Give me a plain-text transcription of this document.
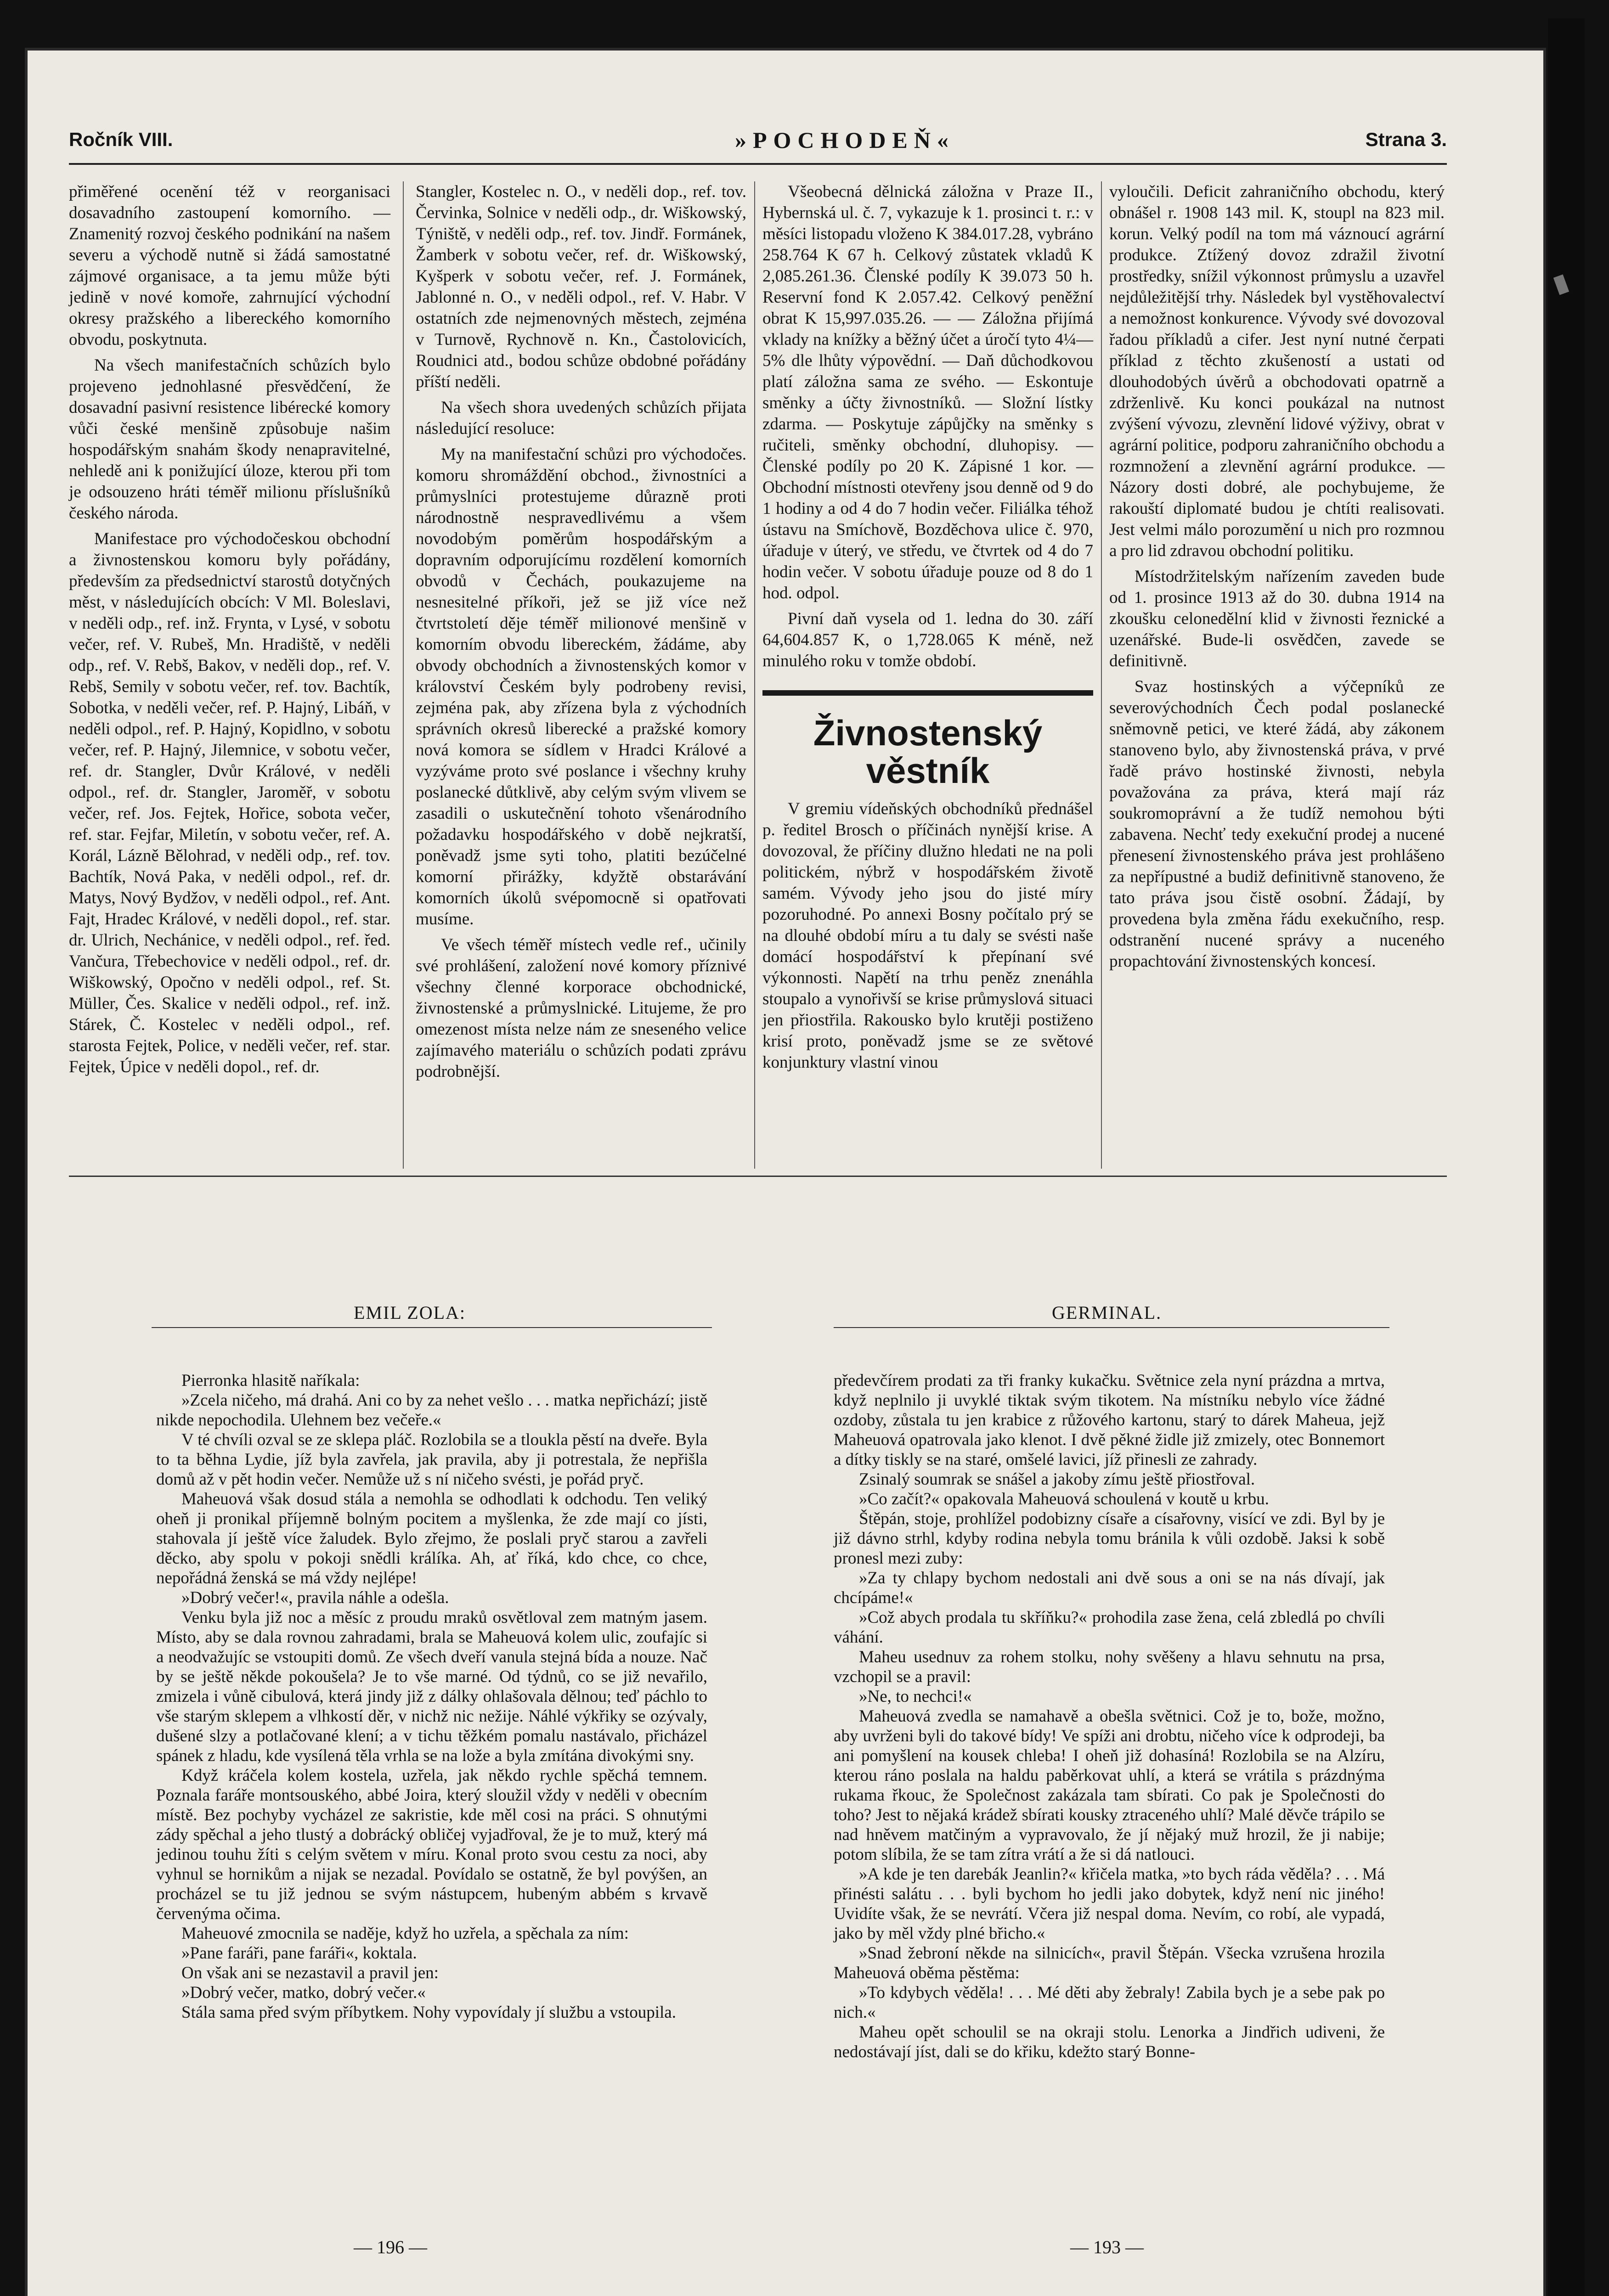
Ročník VIII.	»POCHODEŇ«	Strana 3.

přiměřené ocenění též v reorganisaci dosavadního zastoupení komorního. — Znamenitý rozvoj českého podnikání na našem severu a východě nutně si žádá samostatné zájmové organisace, a ta jemu může býti jedině v nové komoře, zahrnující východní okresy pražského a libereckého komorního obvodu, poskytnuta.

Na všech manifestačních schůzích bylo projeveno jednohlasné přesvědčení, že dosavadní pasivní resistence libérecké komory vůči české menšině způsobuje našim hospodářským snahám škody nenapravitelné, nehledě ani k ponižující úloze, kterou při tom je odsouzeno hráti téměř milionu příslušníků českého národa.

Manifestace pro východočeskou obchodní a živnostenskou komoru byly pořádány, především za předsednictví starostů dotyčných měst, v následujících obcích: V Ml. Boleslavi, v neděli odp., ref. inž. Frynta, v Lysé, v sobotu večer, ref. V. Rubeš, Mn. Hradiště, v neděli odp., ref. V. Rebš, Bakov, v neděli dop., ref. V. Rebš, Semily v sobotu večer, ref. tov. Bachtík, Sobotka, v neděli večer, ref. P. Hajný, Libáň, v neděli odpol., ref. P. Hajný, Kopidlno, v sobotu večer, ref. P. Hajný, Jilemnice, v sobotu večer, ref. dr. Stangler, Dvůr Králové, v neděli odpol., ref. dr. Stangler, Jaroměř, v sobotu večer, ref. Jos. Fejtek, Hořice, sobota večer, ref. star. Fejfar, Miletín, v sobotu večer, ref. A. Korál, Lázně Bělohrad, v neděli odp., ref. tov. Bachtík, Nová Paka, v neděli odpol., ref. dr. Matys, Nový Bydžov, v neděli odpol., ref. Ant. Fajt, Hradec Králové, v neděli dopol., ref. star. dr. Ulrich, Nechánice, v neděli odpol., ref. řed. Vančura, Třebechovice v neděli odpol., ref. dr. Wiškowský, Opočno v neděli odpol., ref. St. Müller, Čes. Skalice v neděli odpol., ref. inž. Stárek, Č. Kostelec v neděli odpol., ref. starosta Fejtek, Police, v neděli večer, ref. star. Fejtek, Úpice v neděli dopol., ref. dr.

Stangler, Kostelec n. O., v neděli dop., ref. tov. Červinka, Solnice v neděli odp., dr. Wiškowský, Týniště, v neděli odp., ref. tov. Jindř. Formánek, Žamberk v sobotu večer, ref. dr. Wiškowský, Kyšperk v sobotu večer, ref. J. Formánek, Jablonné n. O., v neděli odpol., ref. V. Habr. V ostatních zde nejmenovných městech, zejména v Turnově, Rychnově n. Kn., Častolovicích, Roudnici atd., bodou schůze obdobné pořádány příští neděli.

Na všech shora uvedených schůzích přijata následující resoluce:

My na manifestační schůzi pro východočes. komoru shromáždění obchod., živnostníci a průmyslníci protestujeme důrazně proti národnostně nespravedlivému a všem novodobým poměrům hospodářským a dopravním odporujícímu rozdělení komorních obvodů v Čechách, poukazujeme na nesnesitelné příkoři, jež se již více než čtvrtstoletí děje téměř milionové menšině v komorním obvodu libereckém, žádáme, aby obvody obchodních a živnostenských komor v království Českém byly podrobeny revisi, zejména pak, aby zřízena byla z východních správních okresů liberecké a pražské komory nová komora se sídlem v Hradci Králové a vyzýváme proto své poslance i všechny kruhy poslanecké důtklivě, aby celým svým vlivem se zasadili o uskutečnění tohoto všenárodního požadavku hospodářského v době nejkratší, poněvadž jsme syti toho, platiti bezúčelné komorní přirážky, kdyžtě obstarávání komorních úkolů svépomocně si opatřovati musíme.

Ve všech téměř místech vedle ref., učinily své prohlášení, založení nové komory příznivé všechny členné korporace obchodnické, živnostenské a průmyslnické. Litujeme, že pro omezenost místa nelze nám ze sneseného velice zajímavého materiálu o schůzích podati zprávu podrobnější.

Všeobecná dělnická záložna v Praze II., Hybernská ul. č. 7, vykazuje k 1. prosinci t. r.: v měsíci listopadu vloženo K 384.017.28, vybráno 258.764 K 67 h. Celkový zůstatek vkladů K 2,085.261.36. Členské podíly K 39.073 50 h. Reservní fond K 2.057.42. Celkový peněžní obrat K 15,997.035.26. — — Záložna přijímá vklady na knížky a běžný účet a úročí tyto 4¼—5% dle lhůty výpovědní. — Daň důchodkovou platí záložna sama ze svého. — Eskontuje směnky a účty živnostníků. — Složní lístky zdarma. — Poskytuje zápůjčky na směnky s ručiteli, směnky obchodní, dluhopisy. — Členské podíly po 20 K. Zápisné 1 kor. — Obchodní místnosti otevřeny jsou denně od 9 do 1 hodiny a od 4 do 7 hodin večer. Filiálka téhož ústavu na Smíchově, Bozděchova ulice č. 970, úřaduje v úterý, ve středu, ve čtvrtek od 4 do 7 hodin večer. V sobotu úřaduje pouze od 8 do 1 hod. odpol.

Pivní daň vysela od 1. ledna do 30. září 64,604.857 K, o 1,728.065 K méně, než minulého roku v tomže období.

Živnostenský věstník

V gremiu vídeňských obchodníků přednášel p. ředitel Brosch o příčinách nynější krise. A dovozoval, že příčiny dlužno hledati ne na poli politickém, nýbrž v hospodářském životě samém. Vývody jeho jsou do jisté míry pozoruhodné. Po annexi Bosny počítalo prý se na dlouhé období míru a tu daly se svésti naše domácí hospodářství k přepínaní své výkonnosti. Napětí na trhu peněz znenáhla stoupalo a vynořivší se krise průmyslová situaci jen přiostřila. Rakousko bylo krutěji postiženo krisí proto, poněvadž jsme se ze světové konjunktury vlastní vinou

vyloučili. Deficit zahraničního obchodu, který obnášel r. 1908 143 mil. K, stoupl na 823 mil. korun. Velký podíl na tom má váznoucí agrární produkce. Ztížený dovoz zdražil životní prostředky, snížil výkonnost průmyslu a uzavřel nejdůležitější trhy. Následek byl vystěhovalectví a nemožnost konkurence. Vývody své dovozoval řadou příkladů a cifer. Jest nyní nutné čerpati příklad z těchto zkušeností a ustati od dlouhodobých úvěrů a obchodovati opatrně a zdrženlivě. Ku konci poukázal na nutnost zvýšení vývozu, zlevnění lidové výživy, obrat v agrární politice, podporu zahraničního obchodu a rozmnožení a zlevnění agrární produkce. — Názory dosti dobré, ale pochybujeme, že rakouští diplomaté budou je chtíti realisovati. Jest velmi málo porozumění u nich pro rozmnou a pro lid zdravou obchodní politiku.

Místodržitelským nařízením zaveden bude od 1. prosince 1913 až do 30. dubna 1914 na zkoušku celonedělní klid v živnosti řeznické a uzenářské. Bude-li osvědčen, zavede se definitivně.

Svaz hostinských a výčepníků ze severovýchodních Čech podal poslanecké sněmovně petici, ve které žádá, aby zákonem stanoveno bylo, aby živnostenská práva, v prvé řadě právo hostinské živnosti, nebyla považována za práva, která mají ráz soukromoprávní a že tudíž nemohou býti zabavena. Nechť tedy exekuční prodej a nucené přenesení živnostenského práva jest prohlášeno za nepřípustné a budiž definitivně stanoveno, že tato práva jsou čistě osobní. Žádají, by provedena byla změna řádu exekučního, resp. odstranění nucené správy a nuceného propachtování živnostenských koncesí.

EMIL ZOLA:	GERMINAL.

Pierronka hlasitě naříkala:

»Zcela ničeho, má drahá. Ani co by za nehet vešlo . . . matka nepřichází; jistě nikde nepochodila. Ulehnem bez večeře.«

V té chvíli ozval se ze sklepa pláč. Rozlobila se a tloukla pěstí na dveře. Byla to ta běhna Lydie, jíž byla zavřela, jak pravila, aby ji potrestala, že nepřišla domů až v pět hodin večer. Nemůže už s ní ničeho svésti, je pořád pryč.

Maheuová však dosud stála a nemohla se odhodlati k odchodu. Ten veliký oheň ji pronikal příjemně bolným pocitem a myšlenka, že zde mají co jísti, stahovala jí ještě více žaludek. Bylo zřejmo, že poslali pryč starou a zavřeli děcko, aby spolu v pokoji snědli králíka. Ah, ať říká, kdo chce, co chce, nepořádná ženská se má vždy nejlépe!

»Dobrý večer!«, pravila náhle a odešla.

Venku byla již noc a měsíc z proudu mraků osvětloval zem matným jasem. Místo, aby se dala rovnou zahradami, brala se Maheuová kolem ulic, zoufajíc si a neodvažujíc se vstoupiti domů. Ze všech dveří vanula stejná bída a nouze. Nač by se ještě někde pokoušela? Je to vše marné. Od týdnů, co se již nevařilo, zmizela i vůně cibulová, která jindy již z dálky ohlašovala dělnou; teď páchlo to vše starým sklepem a vlhkostí děr, v nichž nic nežije. Náhlé výkřiky se ozývaly, dušené slzy a potlačované klení; a v tichu těžkém pomalu nastávalo, přicházel spánek z hladu, kde vysílená těla vrhla se na lože a byla zmítána divokými sny.

Když kráčela kolem kostela, uzřela, jak někdo rychle spěchá temnem. Poznala faráře montsouského, abbé Joira, který sloužil vždy v neděli v obecním místě. Bez pochyby vycházel ze sakristie, kde měl cosi na práci. S ohnutými zády spěchal a jeho tlustý a dobrácký obličej vyjadřoval, že je to muž, který má jedinou touhu žíti s celým světem v míru. Konal proto svou cestu za noci, aby vyhnul se hornikům a nijak se nezadal. Povídalo se ostatně, že byl povýšen, an procházel se tu již jednou se svým nástupcem, hubeným abbém s krvavě červenýma očima.

Maheuové zmocnila se naděje, když ho uzřela, a spěchala za ním:

»Pane faráři, pane faráři«, koktala.

On však ani se nezastavil a pravil jen:

»Dobrý večer, matko, dobrý večer.«

Stála sama před svým příbytkem. Nohy vypovídaly jí službu a vstoupila.

předevčírem prodati za tři franky kukačku. Světnice zela nyní prázdna a mrtva, když neplnilo ji uvyklé tiktak svým tikotem. Na místníku nebylo více žádné ozdoby, zůstala tu jen krabice z růžového kartonu, starý to dárek Maheua, jejž Maheuová opatrovala jako klenot. I dvě pěkné židle již zmizely, otec Bonnemort a dítky tiskly se na staré, omšelé lavici, jíž přinesli ze zahrady.

Zsinalý soumrak se snášel a jakoby zímu ještě přiostřoval.

»Co začít?« opakovala Maheuová schoulená v koutě u krbu.

Štěpán, stoje, prohlížel podobizny císaře a císařovny, visící ve zdi. Byl by je již dávno strhl, kdyby rodina nebyla tomu bránila k vůli ozdobě. Jaksi k sobě pronesl mezi zuby:

»Za ty chlapy bychom nedostali ani dvě sous a oni se na nás dívají, jak chcípáme!«

»Což abych prodala tu skříňku?« prohodila zase žena, celá zbledlá po chvíli váhání.

Maheu usednuv za rohem stolku, nohy svěšeny a hlavu sehnutu na prsa, vzchopil se a pravil:

»Ne, to nechci!«

Maheuová zvedla se namahavě a obešla světnici. Což je to, bože, možno, aby uvrženi byli do takové bídy! Ve spíži ani drobtu, ničeho více k odprodeji, ba ani pomyšlení na kousek chleba! I oheň již dohasíná! Rozlobila se na Alzíru, kterou ráno poslala na haldu paběrkovat uhlí, a která se vrátila s prázdnýma rukama řkouc, že Společnost zakázala tam sbírati. Co pak je Společnosti do toho? Jest to nějaká krádež sbírati kousky ztraceného uhlí? Malé děvče trápilo se nad hněvem matčiným a vypravovalo, že jí nějaký muž hrozil, že ji nabije; potom slíbila, že se tam zítra vrátí a že si dá natlouci.

»A kde je ten darebák Jeanlin?« křičela matka, »to bych ráda věděla? . . . Má přinésti salátu . . . byli bychom ho jedli jako dobytek, když není nic jiného! Uvidíte však, že se nevrátí. Včera již nespal doma. Nevím, co robí, ale vypadá, jako by měl vždy plné břicho.«

»Snad žebroní někde na silnicích«, pravil Štěpán. Všecka vzrušena hrozila Maheuová oběma pěstěma:

»To kdybych věděla! . . . Mé děti aby žebraly! Zabila bych je a sebe pak po nich.«

Maheu opět schoulil se na okraji stolu. Lenorka a Jindřich udiveni, že nedostávají jíst, dali se do křiku, kdežto starý Bonne-

— 196 —	— 193 —
